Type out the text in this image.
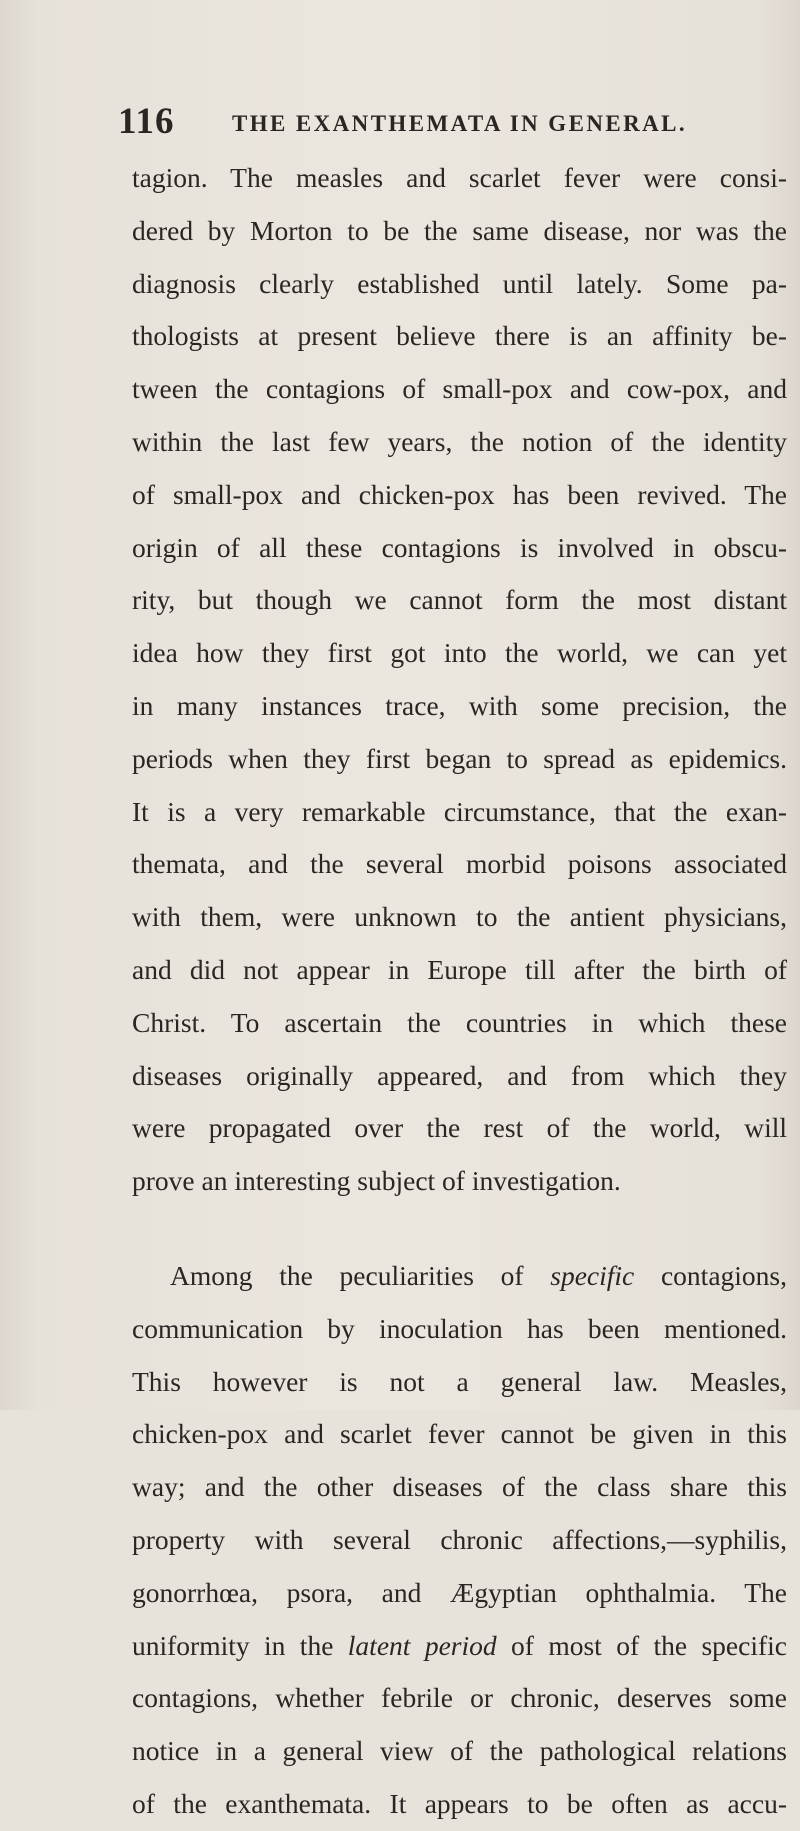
116	THE EXANTHEMATA IN GENERAL.
tagion. The measles and scarlet fever were consi-
dered by Morton to be the same disease, nor was the
diagnosis clearly established until lately. Some pa-
thologists at present believe there is an affinity be-
tween the contagions of small-pox and cow-pox, and
within the last few years, the notion of the identity
of small-pox and chicken-pox has been revived. The
origin of all these contagions is involved in obscu-
rity, but though we cannot form the most distant
idea how they first got into the world, we can yet
in many instances trace, with some precision, the
periods when they first began to spread as epidemics.
It is a very remarkable circumstance, that the exan-
themata, and the several morbid poisons associated
with them, were unknown to the antient physicians,
and did not appear in Europe till after the birth of
Christ. To ascertain the countries in which these
diseases originally appeared, and from which they
were propagated over the rest of the world, will
prove an interesting subject of investigation.
Among the peculiarities of specific contagions,
communication by inoculation has been mentioned.
This however is not a general law. Measles,
chicken-pox and scarlet fever cannot be given in this
way; and the other diseases of the class share this
property with several chronic affections,—syphilis,
gonorrhœa, psora, and Ægyptian ophthalmia. The
uniformity in the latent period of most of the specific
contagions, whether febrile or chronic, deserves some
notice in a general view of the pathological relations
of the exanthemata. It appears to be often as accu-
